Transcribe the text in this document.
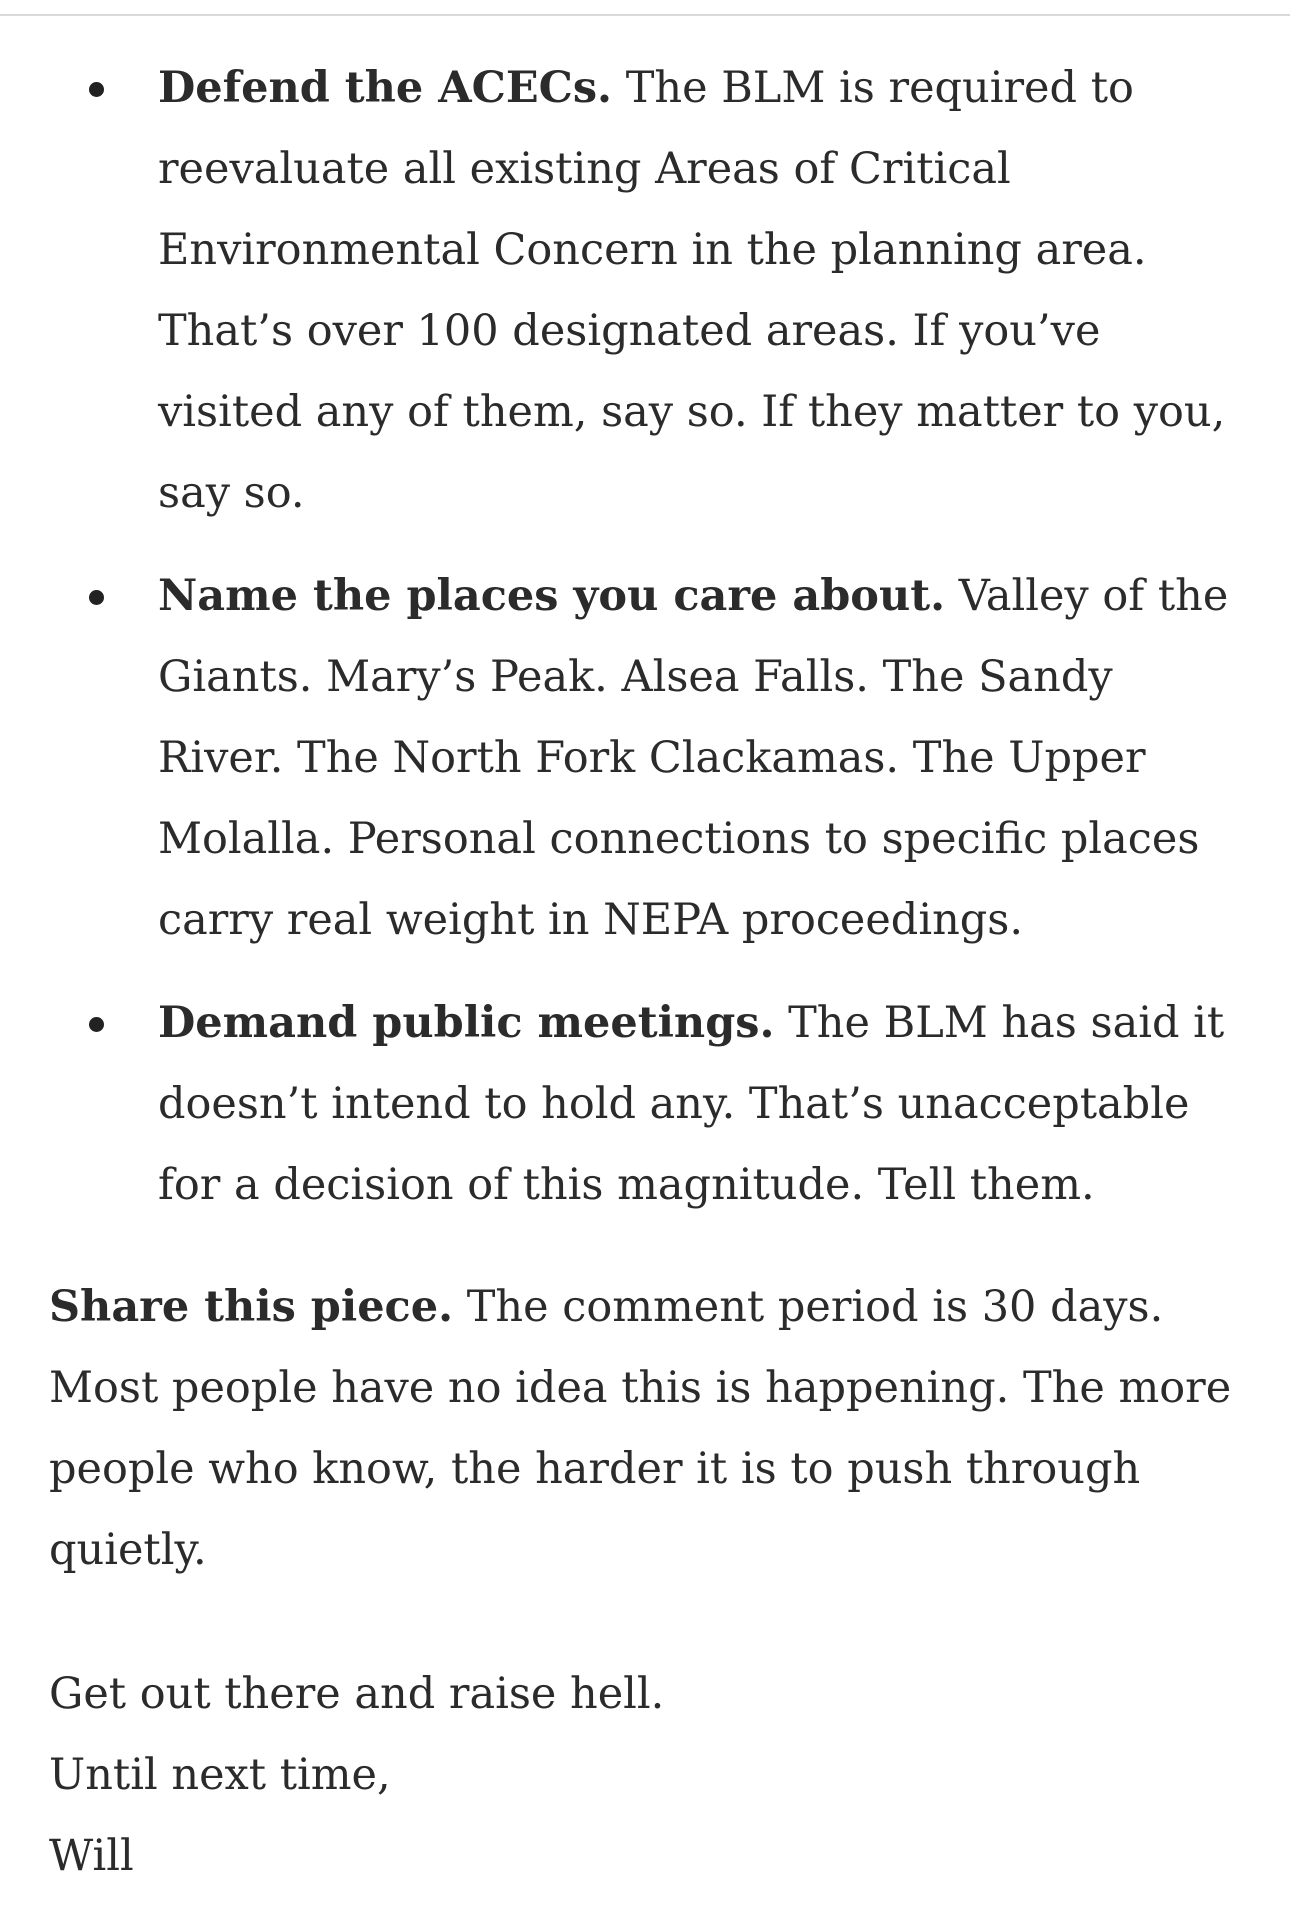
Defend the ACECs. The BLM is required to reevaluate all existing Areas of Critical Environmental Concern in the planning area. That’s over 100 designated areas. If you’ve visited any of them, say so. If they matter to you, say so.
Name the places you care about. Valley of the Giants. Mary’s Peak. Alsea Falls. The Sandy River. The North Fork Clackamas. The Upper Molalla. Personal connections to specific places carry real weight in NEPA proceedings.
Demand public meetings. The BLM has said it doesn’t intend to hold any. That’s unacceptable for a decision of this magnitude. Tell them.

Share this piece. The comment period is 30 days. Most people have no idea this is happening. The more people who know, the harder it is to push through quietly.

Get out there and raise hell.
Until next time,
Will
